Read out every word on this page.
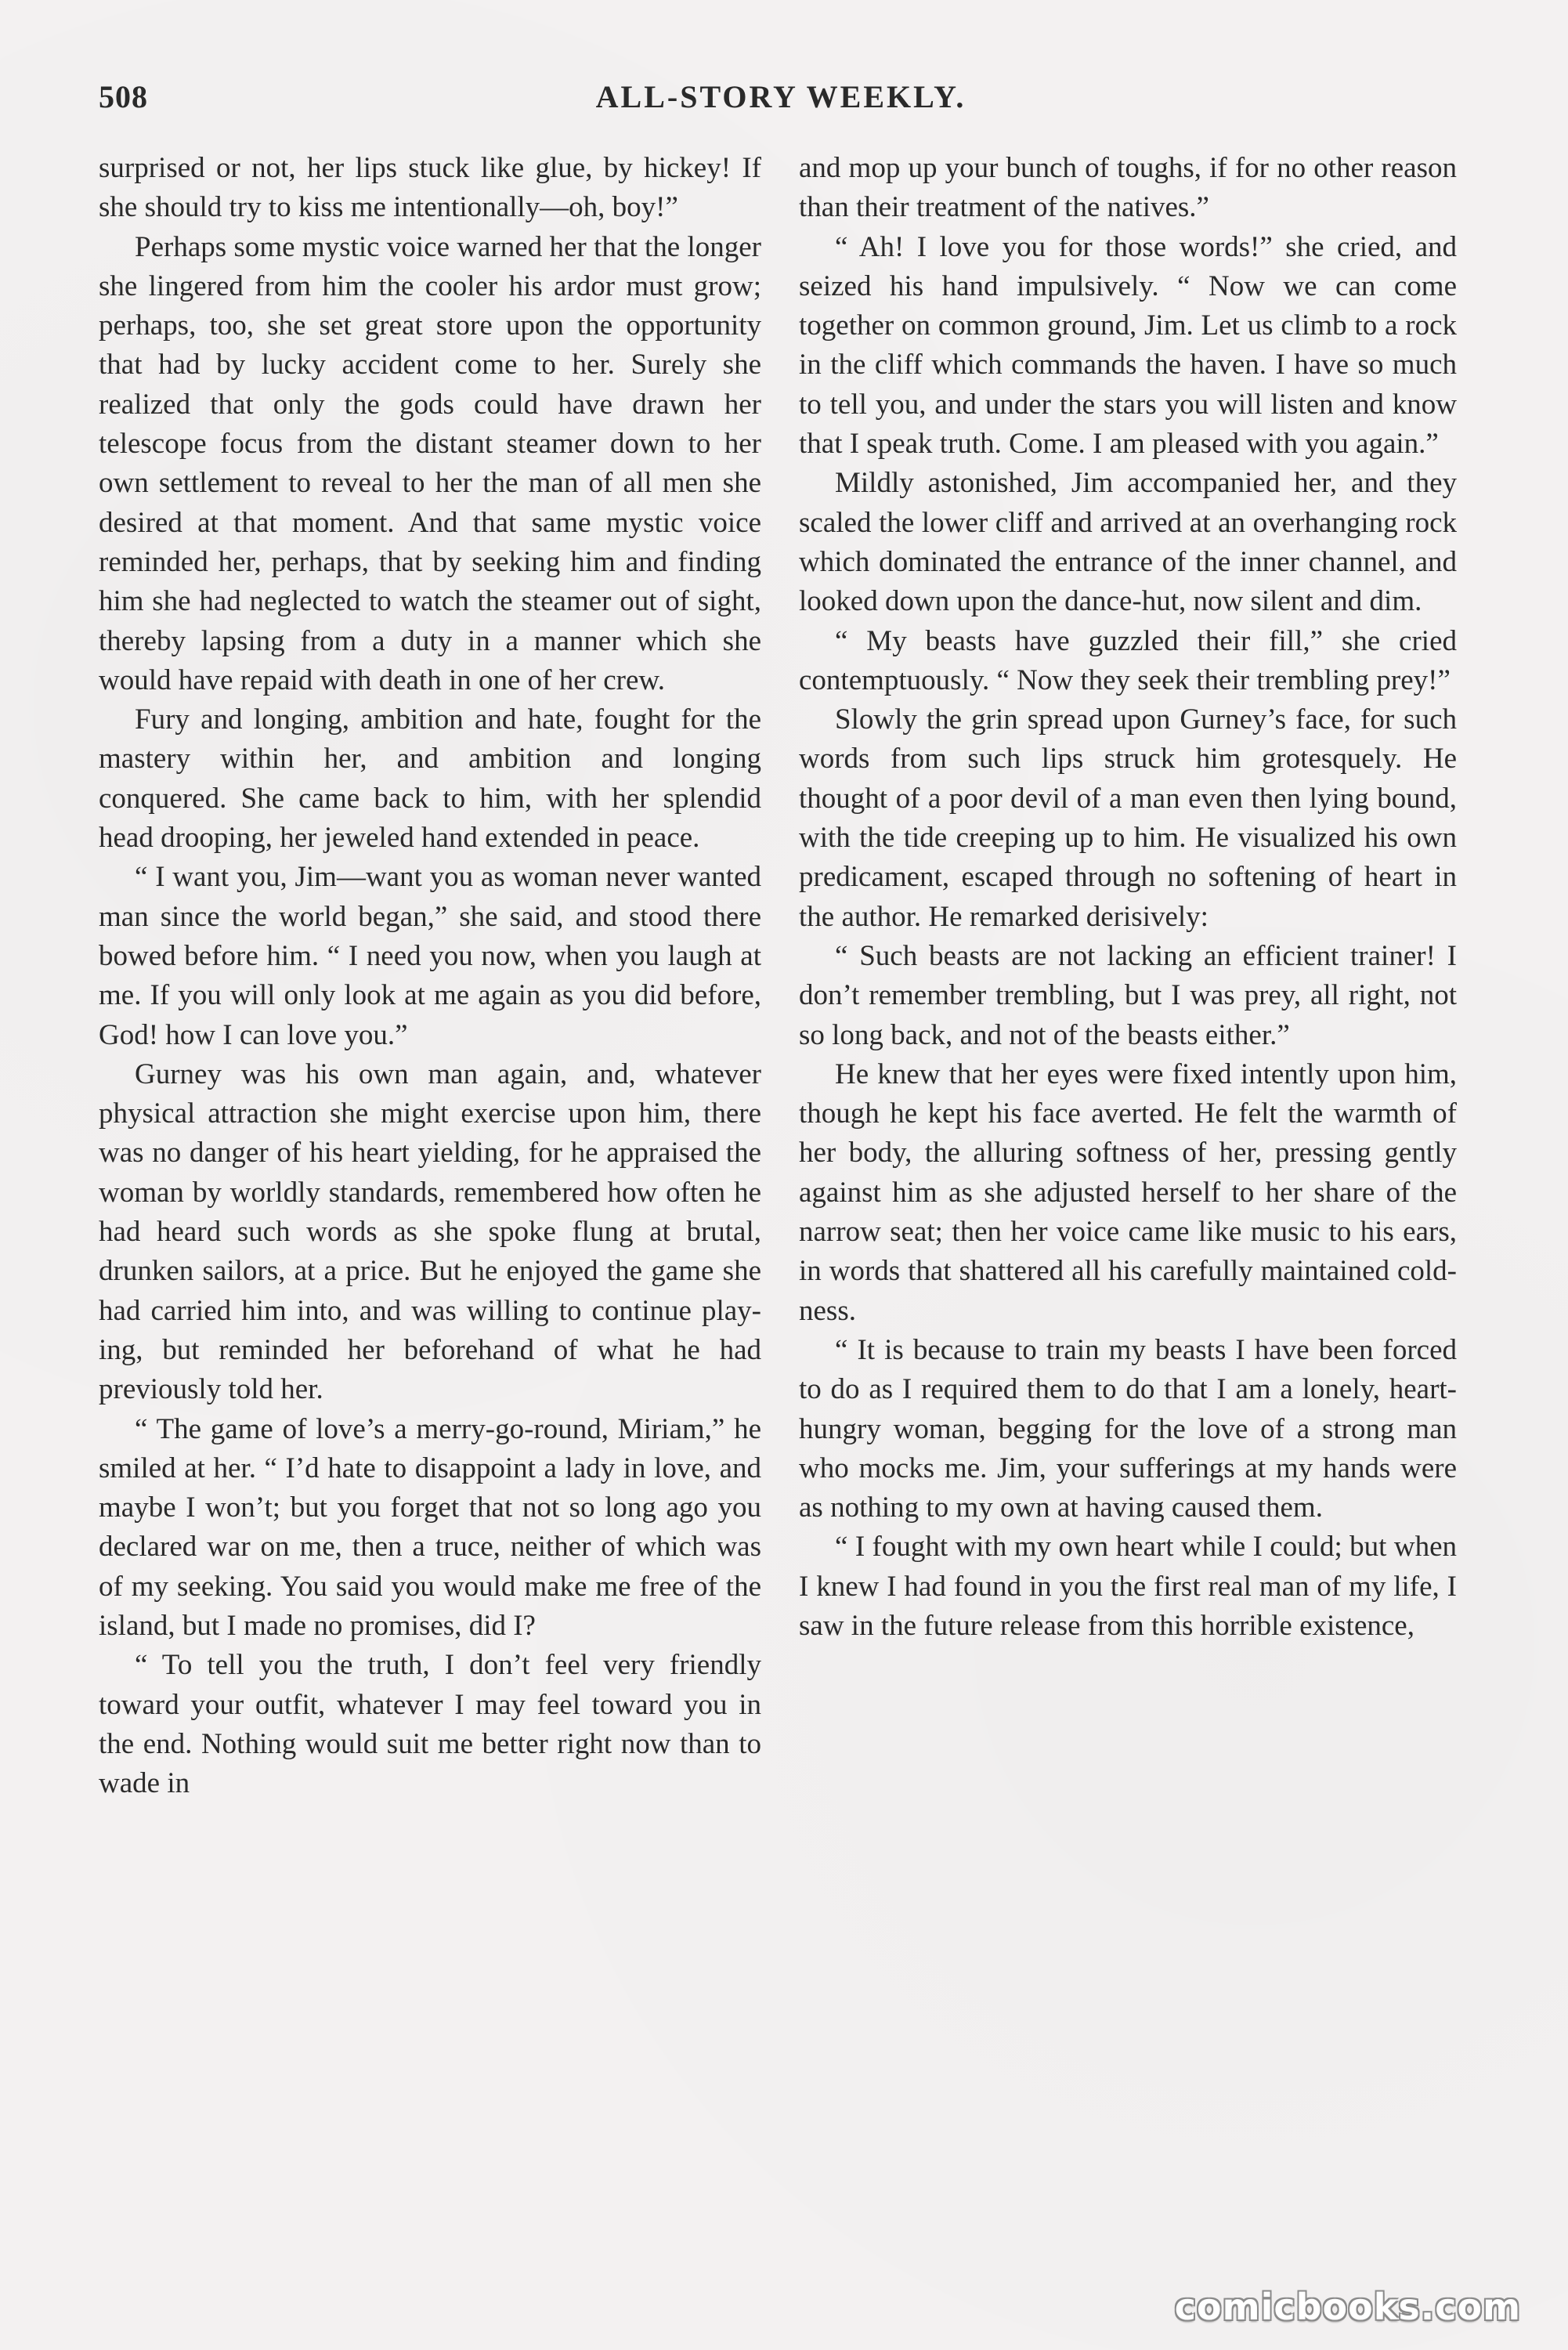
508	ALL-STORY WEEKLY.

surprised or not, her lips stuck like glue, by hickey! If she should try to kiss me intentionally—oh, boy!”

Perhaps some mystic voice warned her that the longer she lingered from him the cooler his ardor must grow; perhaps, too, she set great store upon the opportunity that had by lucky accident come to her. Surely she realized that only the gods could have drawn her telescope focus from the distant steamer down to her own settlement to reveal to her the man of all men she desired at that moment. And that same mystic voice reminded her, perhaps, that by seeking him and finding him she had neglected to watch the steamer out of sight, thereby lapsing from a duty in a manner which she would have repaid with death in one of her crew.

Fury and longing, ambition and hate, fought for the mastery within her, and ambition and longing conquered. She came back to him, with her splendid head drooping, her jeweled hand extended in peace.

“ I want you, Jim—want you as woman never wanted man since the world began,” she said, and stood there bowed before him. “ I need you now, when you laugh at me. If you will only look at me again as you did before, God! how I can love you.”

Gurney was his own man again, and, whatever physical attraction she might exercise upon him, there was no danger of his heart yielding, for he appraised the woman by worldly standards, remembered how often he had heard such words as she spoke flung at brutal, drunken sailors, at a price. But he enjoyed the game she had carried him into, and was willing to continue playing, but reminded her beforehand of what he had previously told her.

“ The game of love’s a merry-go-round, Miriam,” he smiled at her. “ I’d hate to disappoint a lady in love, and maybe I won’t; but you forget that not so long ago you declared war on me, then a truce, neither of which was of my seeking. You said you would make me free of the island, but I made no promises, did I?

“ To tell you the truth, I don’t feel very friendly toward your outfit, whatever I may feel toward you in the end. Nothing would suit me better right now than to wade in

and mop up your bunch of toughs, if for no other reason than their treatment of the natives.”

“ Ah! I love you for those words!” she cried, and seized his hand impulsively. “ Now we can come together on common ground, Jim. Let us climb to a rock in the cliff which commands the haven. I have so much to tell you, and under the stars you will listen and know that I speak truth. Come. I am pleased with you again.”

Mildly astonished, Jim accompanied her, and they scaled the lower cliff and arrived at an overhanging rock which dominated the entrance of the inner channel, and looked down upon the dance-hut, now silent and dim.

“ My beasts have guzzled their fill,” she cried contemptuously. “ Now they seek their trembling prey!”

Slowly the grin spread upon Gurney’s face, for such words from such lips struck him grotesquely. He thought of a poor devil of a man even then lying bound, with the tide creeping up to him. He visualized his own predicament, escaped through no softening of heart in the author. He remarked derisively:

“ Such beasts are not lacking an efficient trainer! I don’t remember trembling, but I was prey, all right, not so long back, and not of the beasts either.”

He knew that her eyes were fixed intently upon him, though he kept his face averted. He felt the warmth of her body, the alluring softness of her, pressing gently against him as she adjusted herself to her share of the narrow seat; then her voice came like music to his ears, in words that shattered all his carefully maintained coldness.

“ It is because to train my beasts I have been forced to do as I required them to do that I am a lonely, heart-hungry woman, begging for the love of a strong man who mocks me. Jim, your sufferings at my hands were as nothing to my own at having caused them.

“ I fought with my own heart while I could; but when I knew I had found in you the first real man of my life, I saw in the future release from this horrible existence,

comicbooks.com
